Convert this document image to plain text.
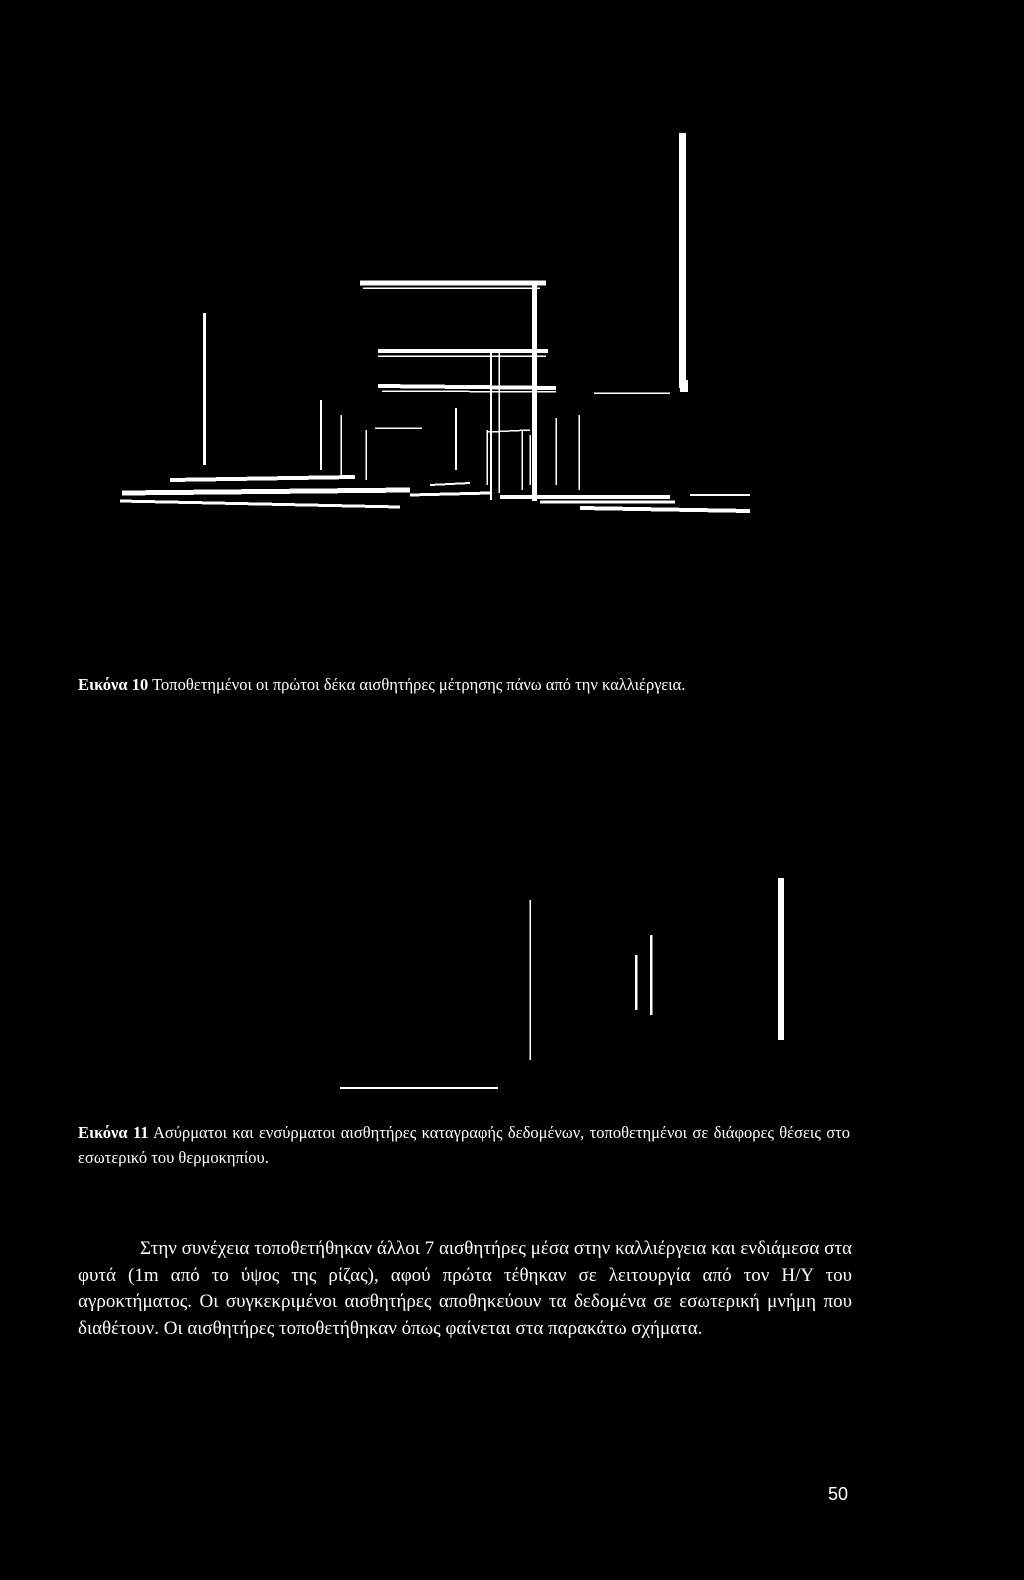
Εικόνα 10 Τοποθετημένοι οι πρώτοι δέκα αισθητήρες μέτρησης πάνω από την καλλιέργεια.
Εικόνα 11 Ασύρματοι και ενσύρματοι αισθητήρες καταγραφής δεδομένων, τοποθετημένοι σε διάφορες θέσεις στο εσωτερικό του θερμοκηπίου.

Στην συνέχεια τοποθετήθηκαν άλλοι 7 αισθητήρες μέσα στην καλλιέργεια και ενδιάμεσα στα φυτά (1m από το ύψος της ρίζας), αφού πρώτα τέθηκαν σε λειτουργία από τον Η/Υ του αγροκτήματος. Οι συγκεκριμένοι αισθητήρες αποθηκεύουν τα δεδομένα σε εσωτερική μνήμη που διαθέτουν. Οι αισθητήρες τοποθετήθηκαν όπως φαίνεται στα παρακάτω σχήματα.

50
